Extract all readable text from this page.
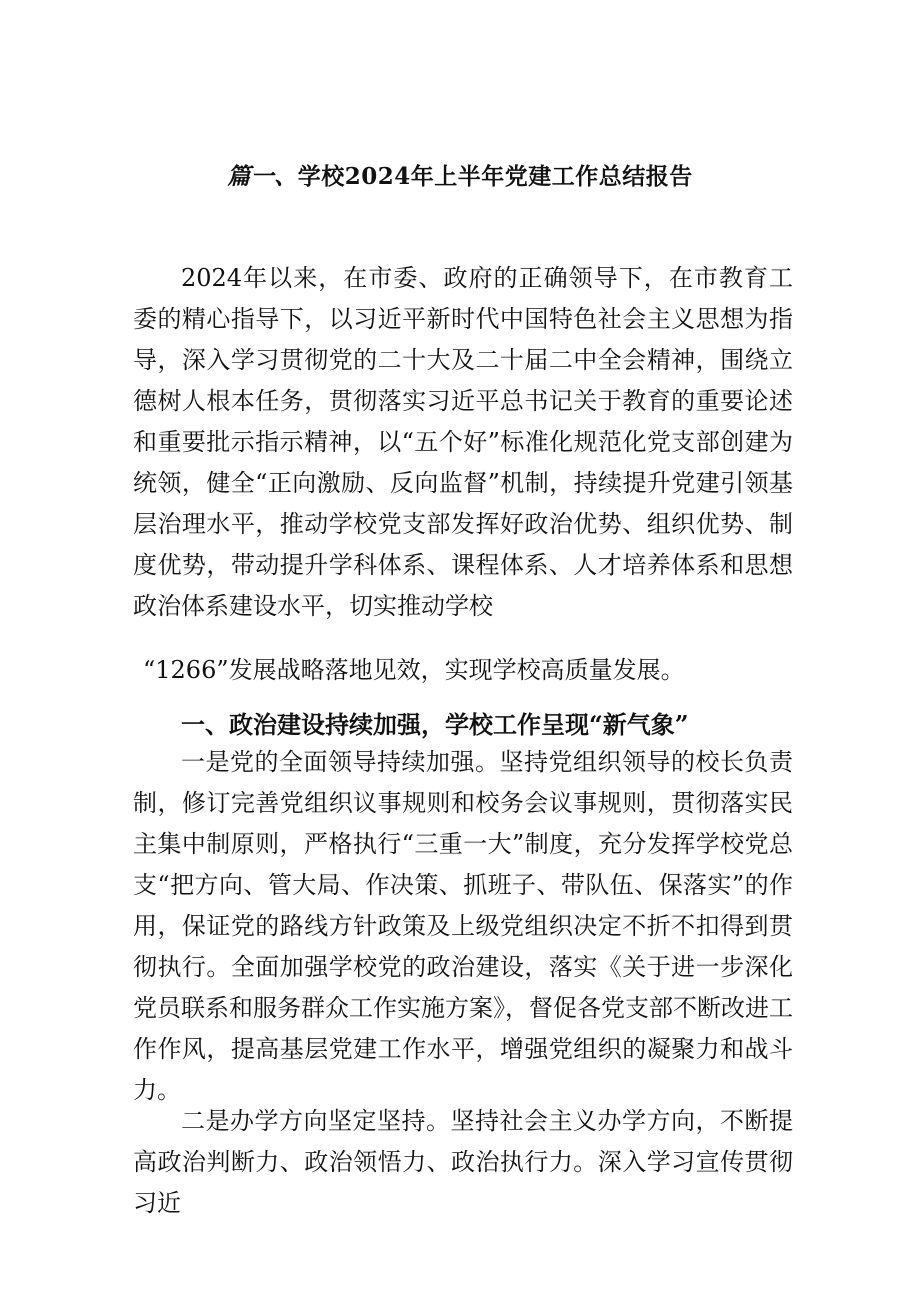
篇一、学校2024年上半年党建工作总结报告

2024年以来，在市委、政府的正确领导下，在市教育工委的精心指导下，以习近平新时代中国特色社会主义思想为指导，深入学习贯彻党的二十大及二十届二中全会精神，围绕立德树人根本任务，贯彻落实习近平总书记关于教育的重要论述和重要批示指示精神，以“五个好”标准化规范化党支部创建为统领，健全“正向激励、反向监督”机制，持续提升党建引领基层治理水平，推动学校党支部发挥好政治优势、组织优势、制度优势，带动提升学科体系、课程体系、人才培养体系和思想政治体系建设水平，切实推动学校

“1266”发展战略落地见效，实现学校高质量发展。

一、政治建设持续加强，学校工作呈现“新气象”

一是党的全面领导持续加强。坚持党组织领导的校长负责制，修订完善党组织议事规则和校务会议事规则，贯彻落实民主集中制原则，严格执行“三重一大”制度，充分发挥学校党总支“把方向、管大局、作决策、抓班子、带队伍、保落实”的作用，保证党的路线方针政策及上级党组织决定不折不扣得到贯彻执行。全面加强学校党的政治建设，落实《关于进一步深化党员联系和服务群众工作实施方案》，督促各党支部不断改进工作作风，提高基层党建工作水平，增强党组织的凝聚力和战斗力。

二是办学方向坚定坚持。坚持社会主义办学方向，不断提高政治判断力、政治领悟力、政治执行力。深入学习宣传贯彻习近
